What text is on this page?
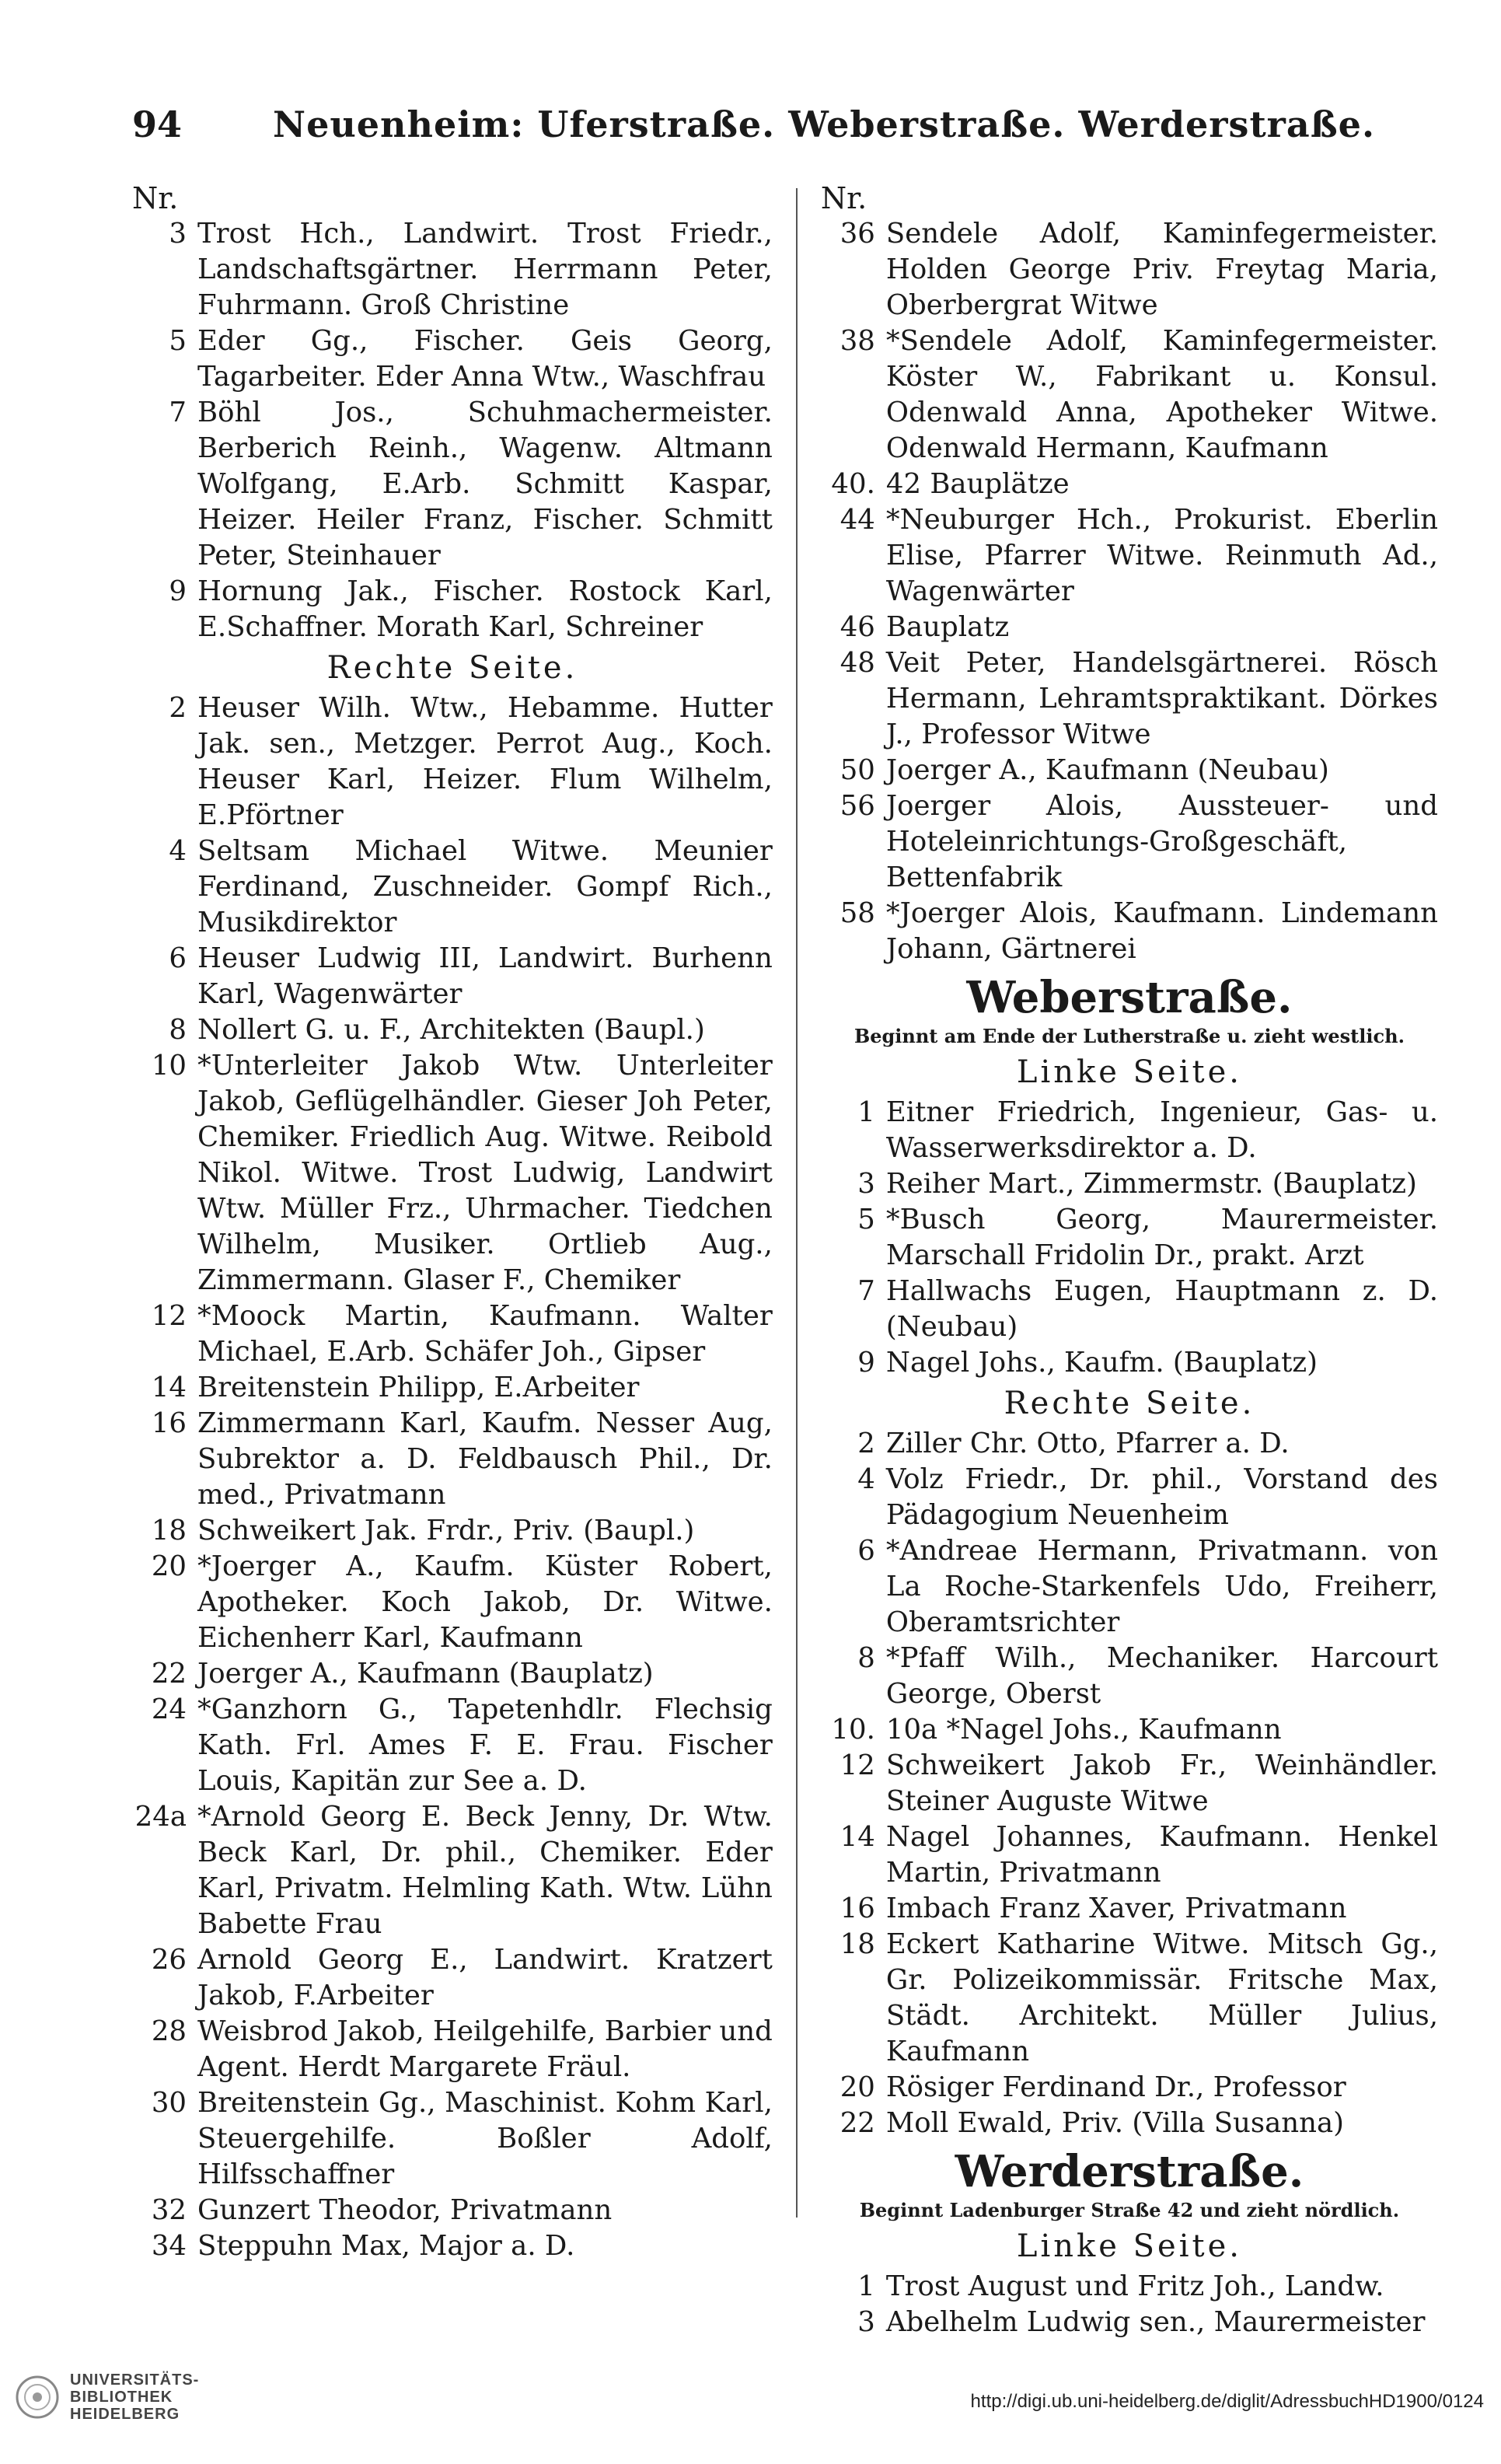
94	Neuenheim: Uferstraße. Weberstraße. Werderstraße.
Nr.
3 Trost Hch., Landwirt. Trost Friedr., Landschaftsgärtner. Herrmann Peter, Fuhrmann. Groß Christine
5 Eder Gg., Fischer. Geis Georg, Tagarbeiter. Eder Anna Wtw., Waschfrau
7 Böhl Jos., Schuhmachermeister. Berberich Reinh., Wagenw. Altmann Wolfgang, E.Arb. Schmitt Kaspar, Heizer. Heiler Franz, Fischer. Schmitt Peter, Steinhauer
9 Hornung Jak., Fischer. Rostock Karl, E.Schaffner. Morath Karl, Schreiner
Rechte Seite.
2 Heuser Wilh. Wtw., Hebamme. Hutter Jak. sen., Metzger. Perrot Aug., Koch. Heuser Karl, Heizer. Flum Wilhelm, E.Pförtner
4 Seltsam Michael Witwe. Meunier Ferdinand, Zuschneider. Gompf Rich., Musikdirektor
6 Heuser Ludwig III, Landwirt. Burhenn Karl, Wagenwärter
8 Nollert G. u. F., Architekten (Baupl.)
10 *Unterleiter Jakob Wtw. Unterleiter Jakob, Geflügelhändler. Gieser Joh Peter, Chemiker. Friedlich Aug. Witwe. Reibold Nikol. Witwe. Trost Ludwig, Landwirt Wtw. Müller Frz., Uhrmacher. Tiedchen Wilhelm, Musiker. Ortlieb Aug., Zimmermann. Glaser F., Chemiker
12 *Moock Martin, Kaufmann. Walter Michael, E.Arb. Schäfer Joh., Gipser
14 Breitenstein Philipp, E.Arbeiter
16 Zimmermann Karl, Kaufm. Nesser Aug, Subrektor a. D. Feldbausch Phil., Dr. med., Privatmann
18 Schweikert Jak. Frdr., Priv. (Baupl.)
20 *Joerger A., Kaufm. Küster Robert, Apotheker. Koch Jakob, Dr. Witwe. Eichenherr Karl, Kaufmann
22 Joerger A., Kaufmann (Bauplatz)
24 *Ganzhorn G., Tapetenhdlr. Flechsig Kath. Frl. Ames F. E. Frau. Fischer Louis, Kapitän zur See a. D.
24a *Arnold Georg E. Beck Jenny, Dr. Wtw. Beck Karl, Dr. phil., Chemiker. Eder Karl, Privatm. Helmling Kath. Wtw. Lühn Babette Frau
26 Arnold Georg E., Landwirt. Kratzert Jakob, F.Arbeiter
28 Weisbrod Jakob, Heilgehilfe, Barbier und Agent. Herdt Margarete Fräul.
30 Breitenstein Gg., Maschinist. Kohm Karl, Steuergehilfe. Boßler Adolf, Hilfsschaffner
32 Gunzert Theodor, Privatmann
34 Steppuhn Max, Major a. D.
Nr.
36 Sendele Adolf, Kaminfegermeister. Holden George Priv. Freytag Maria, Oberbergrat Witwe
38 *Sendele Adolf, Kaminfegermeister. Köster W., Fabrikant u. Konsul. Odenwald Anna, Apotheker Witwe. Odenwald Hermann, Kaufmann
40. 42 Bauplätze
44 *Neuburger Hch., Prokurist. Eberlin Elise, Pfarrer Witwe. Reinmuth Ad., Wagenwärter
46 Bauplatz
48 Veit Peter, Handelsgärtnerei. Rösch Hermann, Lehramtspraktikant. Dörkes J., Professor Witwe
50 Joerger A., Kaufmann (Neubau)
56 Joerger Alois, Aussteuer- und Hoteleinrichtungs-Großgeschäft, Bettenfabrik
58 *Joerger Alois, Kaufmann. Lindemann Johann, Gärtnerei
Weberstraße.
Beginnt am Ende der Lutherstraße u. zieht westlich.
Linke Seite.
1 Eitner Friedrich, Ingenieur, Gas- u. Wasserwerksdirektor a. D.
3 Reiher Mart., Zimmermstr. (Bauplatz)
5 *Busch Georg, Maurermeister. Marschall Fridolin Dr., prakt. Arzt
7 Hallwachs Eugen, Hauptmann z. D. (Neubau)
9 Nagel Johs., Kaufm. (Bauplatz)
Rechte Seite.
2 Ziller Chr. Otto, Pfarrer a. D.
4 Volz Friedr., Dr. phil., Vorstand des Pädagogium Neuenheim
6 *Andreae Hermann, Privatmann. von La Roche-Starkenfels Udo, Freiherr, Oberamtsrichter
8 *Pfaff Wilh., Mechaniker. Harcourt George, Oberst
10. 10a *Nagel Johs., Kaufmann
12 Schweikert Jakob Fr., Weinhändler. Steiner Auguste Witwe
14 Nagel Johannes, Kaufmann. Henkel Martin, Privatmann
16 Imbach Franz Xaver, Privatmann
18 Eckert Katharine Witwe. Mitsch Gg., Gr. Polizeikommissär. Fritsche Max, Städt. Architekt. Müller Julius, Kaufmann
20 Rösiger Ferdinand Dr., Professor
22 Moll Ewald, Priv. (Villa Susanna)
Werderstraße.
Beginnt Ladenburger Straße 42 und zieht nördlich.
Linke Seite.
1 Trost August und Fritz Joh., Landw.
3 Abelhelm Ludwig sen., Maurermeister
UNIVERSITÄTS-
BIBLIOTHEK
HEIDELBERG
http://digi.ub.uni-heidelberg.de/diglit/AdressbuchHD1900/0124
